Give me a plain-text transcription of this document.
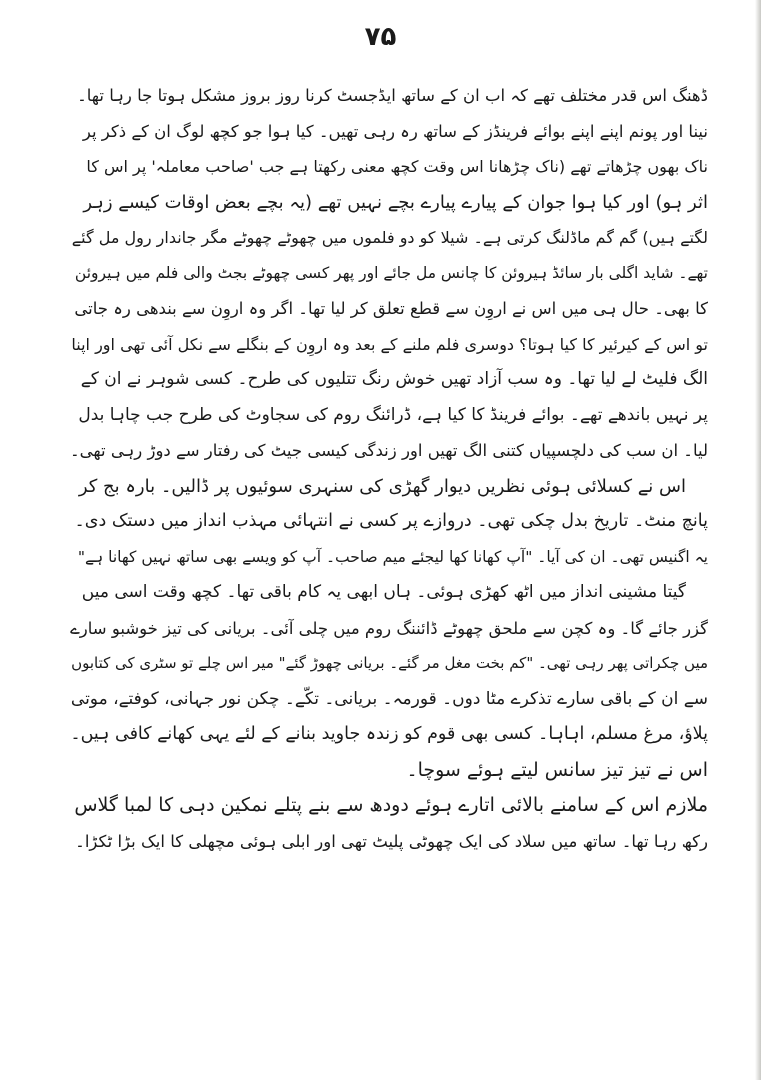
۷۵
ڈھنگ اس قدر مختلف تھے کہ اب ان کے ساتھ ایڈجسٹ کرنا روز بروز مشکل ہوتا جا رہا تھا۔
نینا اور پونم اپنے اپنے بوائے فرینڈز کے ساتھ رہ رہی تھیں۔ کیا ہوا جو کچھ لوگ ان کے ذکر پر
ناک بھوں چڑھاتے تھے (ناک چڑھانا اس وقت کچھ معنی رکھتا ہے جب 'صاحب معاملہ' پر اس کا
اثر ہو) اور کیا ہوا جوان کے پیارے پیارے بچے نہیں تھے (یہ بچے بعض اوقات کیسے زہر
لگتے ہیں) گم گم ماڈلنگ کرتی ہے۔ شیلا کو دو فلموں میں چھوٹے چھوٹے مگر جاندار رول مل گئے
تھے۔ شاید اگلی بار سائڈ ہیروئن کا چانس مل جائے اور پھر کسی چھوٹے بجٹ والی فلم میں ہیروئن
کا بھی۔ حال ہی میں اس نے اروِن سے قطع تعلق کر لیا تھا۔ اگر وہ اروِن سے بندھی رہ جاتی
تو اس کے کیرئیر کا کیا ہوتا؟ دوسری فلم ملنے کے بعد وہ اروِن کے بنگلے سے نکل آئی تھی اور اپنا
الگ فلیٹ لے لیا تھا۔ وہ سب آزاد تھیں خوش رنگ تتلیوں کی طرح۔ کسی شوہر نے ان کے
پر نہیں باندھے تھے۔ بوائے فرینڈ کا کیا ہے، ڈرائنگ روم کی سجاوٹ کی طرح جب چاہا بدل
لیا۔ ان سب کی دلچسپیاں کتنی الگ تھیں اور زندگی کیسی جیٹ کی رفتار سے دوڑ رہی تھی۔
اس نے کسلائی ہوئی نظریں دیوار گھڑی کی سنہری سوئیوں پر ڈالیں۔ بارہ بج کر
پانچ منٹ۔ تاریخ بدل چکی تھی۔ دروازے پر کسی نے انتہائی مہذب انداز میں دستک دی۔
یہ اگنیس تھی۔ ان کی آیا۔ "آپ کھانا کھا لیجئے میم صاحب۔ آپ کو ویسے بھی ساتھ نہیں کھانا ہے"
گیتا مشینی انداز میں اٹھ کھڑی ہوئی۔ ہاں ابھی یہ کام باقی تھا۔ کچھ وقت اسی میں
گزر جائے گا۔ وہ کچن سے ملحق چھوٹے ڈائننگ روم میں چلی آئی۔ بریانی کی تیز خوشبو سارے
میں چکراتی پھر رہی تھی۔ "کم بخت مغل مر گئے۔ بریانی چھوڑ گئے" میر اس چلے تو سٹری کی کتابوں
سے ان کے باقی سارے تذکرے مٹا دوں۔ قورمہ۔ بریانی۔ تکّے۔ چکن نور جہانی، کوفتے، موتی
پلاؤ، مرغ مسلم، اہاہا۔ کسی بھی قوم کو زندہ جاوید بنانے کے لئے یہی کھانے کافی ہیں۔
اس نے تیز تیز سانس لیتے ہوئے سوچا۔
ملازم اس کے سامنے بالائی اتارے ہوئے دودھ سے بنے پتلے نمکین دہی کا لمبا گلاس
رکھ رہا تھا۔ ساتھ میں سلاد کی ایک چھوٹی پلیٹ تھی اور ابلی ہوئی مچھلی کا ایک بڑا ٹکڑا۔
